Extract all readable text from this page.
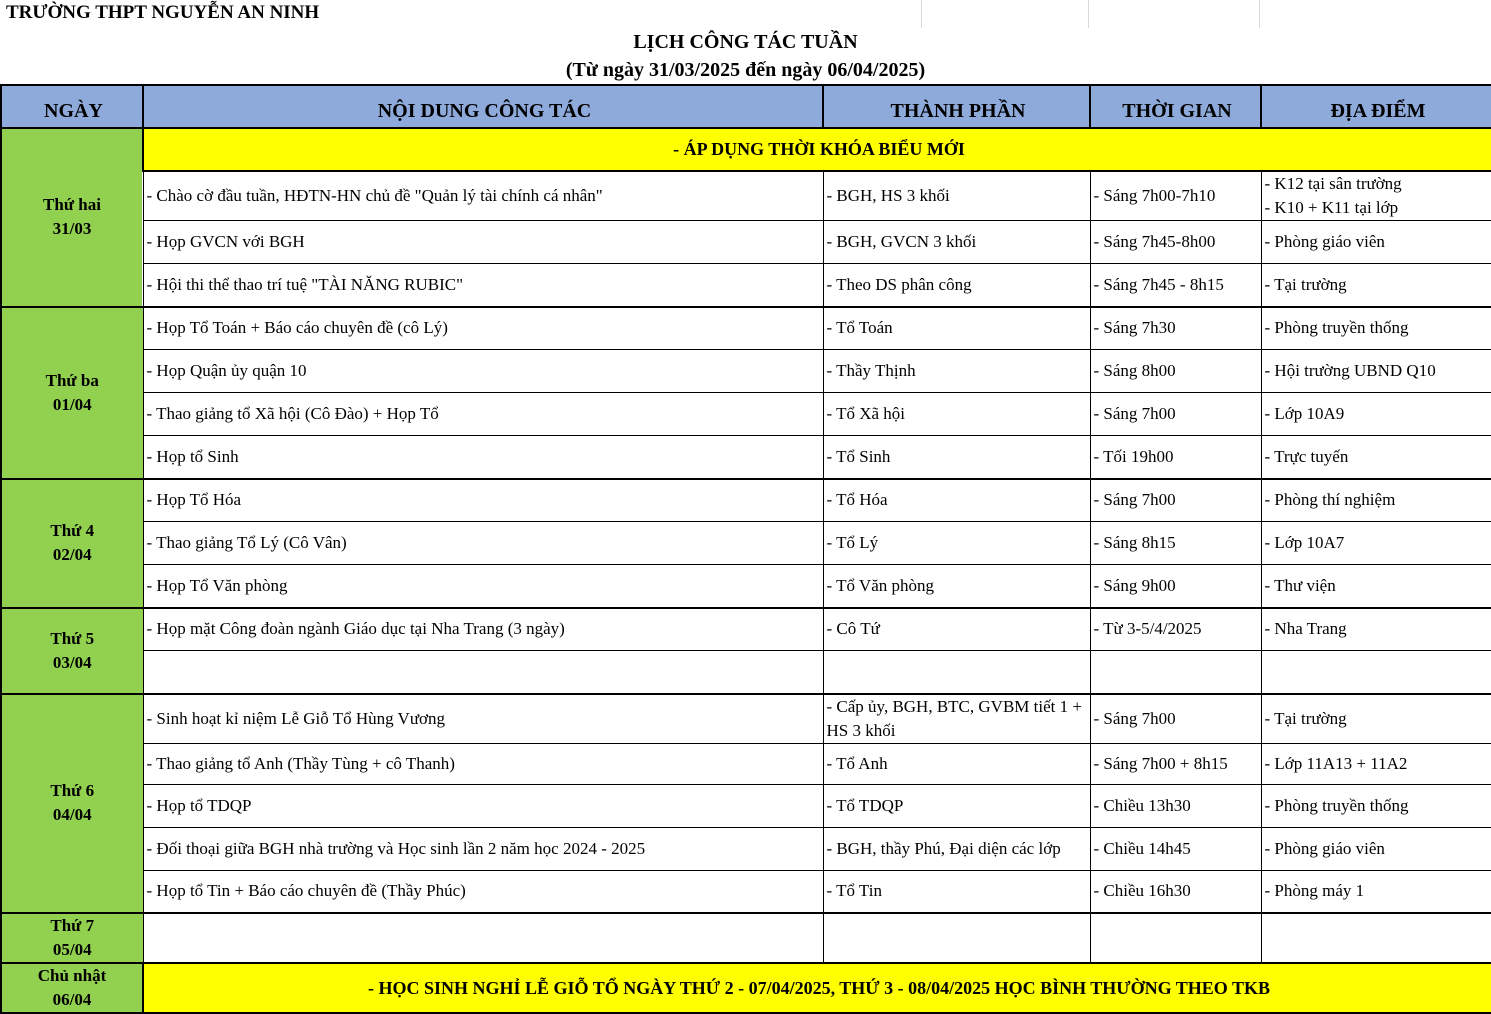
TRƯỜNG THPT NGUYỄN AN NINH
LỊCH CÔNG TÁC TUẦN
(Từ ngày 31/03/2025 đến ngày 06/04/2025)
NGÀY	NỘI DUNG CÔNG TÁC	THÀNH PHẦN	THỜI GIAN	ĐỊA ĐIỂM

Thứ hai
31/03	- ÁP DỤNG THỜI KHÓA BIỂU MỚI			
	- Chào cờ đầu tuần, HĐTN-HN chủ đề "Quản lý tài chính cá nhân"	- BGH, HS 3 khối	- Sáng 7h00-7h10	- K12 tại sân trường
- K10 + K11 tại lớp

	- Họp GVCN với BGH	- BGH, GVCN 3 khối	- Sáng 7h45-8h00	- Phòng giáo viên
	- Hội thi thể thao trí tuệ "TÀI NĂNG RUBIC"	- Theo DS phân công	- Sáng 7h45 - 8h15	- Tại trường

Thứ ba
01/04	- Họp Tổ Toán + Báo cáo chuyên đề (cô Lý)	- Tổ Toán	- Sáng 7h30	- Phòng truyền thống
	- Họp Quận ủy quận 10	- Thầy Thịnh	- Sáng 8h00	- Hội trường UBND Q10
	- Thao giảng tổ Xã hội (Cô Đào) + Họp Tổ	- Tổ Xã hội	- Sáng 7h00	- Lớp 10A9
	- Họp tổ Sinh	- Tổ Sinh	- Tối 19h00	- Trực tuyến

Thứ 4
02/04	- Họp Tổ Hóa	- Tổ Hóa	- Sáng 7h00	- Phòng thí nghiệm
	- Thao giảng Tổ Lý (Cô Vân)	- Tổ Lý	- Sáng 8h15	- Lớp 10A7
	- Họp Tổ Văn phòng	- Tổ Văn phòng	- Sáng 9h00	- Thư viện

Thứ 5
03/04	- Họp mặt Công đoàn ngành Giáo dục tại Nha Trang (3 ngày)	- Cô Tứ	- Từ 3-5/4/2025	- Nha Trang

Thứ 6
04/04	- Sinh hoạt kỉ niệm Lễ Giỗ Tổ Hùng Vương	- Cấp ủy, BGH, BTC, GVBM tiết 1 + HS 3 khối	- Sáng 7h00	- Tại trường
	- Thao giảng tổ Anh (Thầy Tùng + cô Thanh)	- Tổ Anh	- Sáng 7h00 + 8h15	- Lớp 11A13 + 11A2
	- Họp tổ TDQP	- Tổ TDQP	- Chiều 13h30	- Phòng truyền thống
	- Đối thoại giữa BGH nhà trường và Học sinh lần 2 năm học 2024 - 2025	- BGH, thầy Phú, Đại diện các lớp	- Chiều 14h45	- Phòng giáo viên
	- Họp tổ Tin + Báo cáo chuyên đề (Thầy Phúc)	- Tổ Tin	- Chiều 16h30	- Phòng máy 1

Thứ 7
05/04				

Chủ nhật
06/04	- HỌC SINH NGHỈ LỄ GIỖ TỔ NGÀY THỨ 2 - 07/04/2025, THỨ 3 - 08/04/2025 HỌC BÌNH THƯỜNG THEO TKB			
